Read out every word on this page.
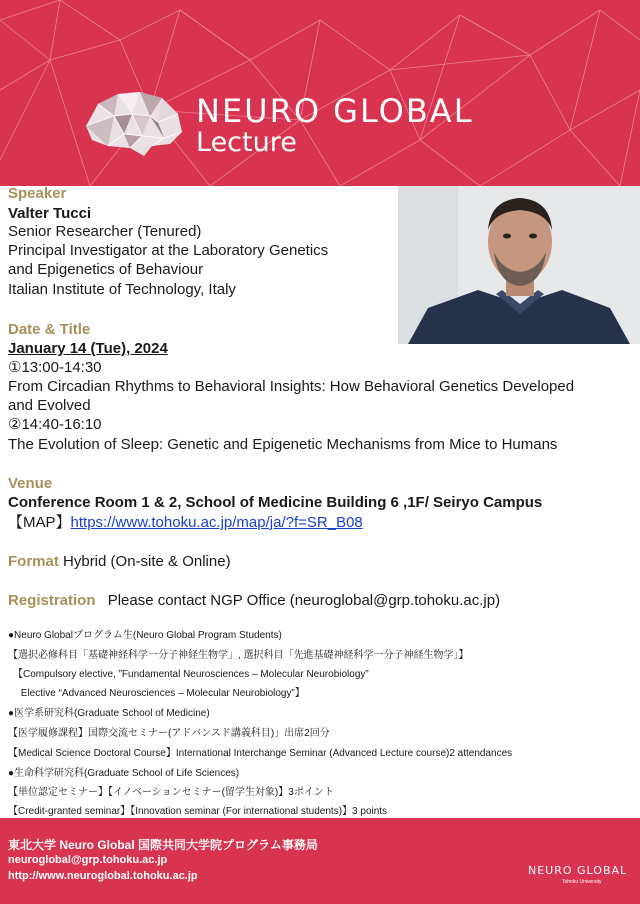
NEURO GLOBAL
Lecture
Speaker
Valter Tucci
Senior Researcher (Tenured)
Principal Investigator at the Laboratory Genetics
and Epigenetics of Behaviour
Italian Institute of Technology, Italy
Date & Title
January 14 (Tue), 2024
①13:00-14:30
From Circadian Rhythms to Behavioral Insights: How Behavioral Genetics Developed
and Evolved
②14:40-16:10
The Evolution of Sleep: Genetic and Epigenetic Mechanisms from Mice to Humans
Venue
Conference Room 1 & 2, School of Medicine Building 6 ,1F/ Seiryo Campus
【MAP】https://www.tohoku.ac.jp/map/ja/?f=SR_B08
Format Hybrid (On-site & Online)
Registration Please contact NGP Office (neuroglobal@grp.tohoku.ac.jp)
●Neuro Globalプログラム生(Neuro Global Program Students)
【選択必修科目「基礎神経科学一分子神経生物学」, 選択科目「先進基礎神経科学一分子神経生物学」】
　【Compulsory elective, ”Fundamental Neurosciences – Molecular Neurobiology”
　 Elective “Advanced Neurosciences – Molecular Neurobiology”】
●医学系研究科(Graduate School of Medicine)
【医学履修課程】国際交流セミナー(アドバンスド講義科目)」出席2回分
【Medical Science Doctoral Course】International Interchange Seminar (Advanced Lecture course)2 attendances
●生命科学研究科(Graduate School of Life Sciences)
【単位認定セミナー】【イノベーションセミナー(留学生対象)】3ポイント
【Credit-granted seminar】【Innovation seminar (For international students)】3 points
東北大学 Neuro Global 国際共同大学院プログラム事務局
neuroglobal@grp.tohoku.ac.jp
http://www.neuroglobal.tohoku.ac.jp	NEURO GLOBAL
Tohoku University
